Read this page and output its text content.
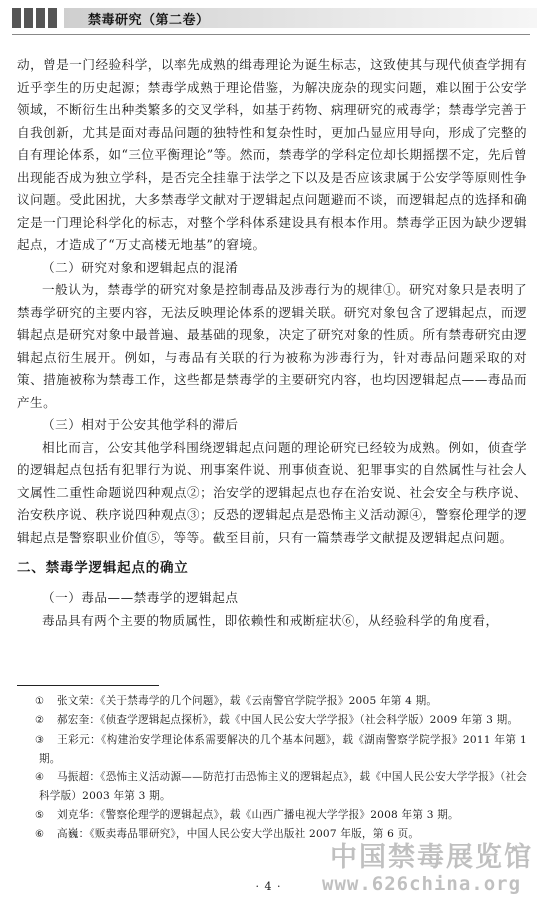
禁毒研究（第二卷）

动，曾是一门经验科学，以率先成熟的缉毒理论为诞生标志，这致使其与现代侦查学拥有近乎孪生的历史起源；禁毒学成熟于理论借鉴，为解决庞杂的现实问题，难以囿于公安学领域，不断衍生出种类繁多的交叉学科，如基于药物、病理研究的戒毒学；禁毒学完善于自我创新，尤其是面对毒品问题的独特性和复杂性时，更加凸显应用导向，形成了完整的自有理论体系，如“三位平衡理论”等。然而，禁毒学的学科定位却长期摇摆不定，先后曾出现能否成为独立学科，是否完全挂靠于法学之下以及是否应该隶属于公安学等原则性争议问题。受此困扰，大多禁毒学文献对于逻辑起点问题避而不谈，而逻辑起点的选择和确定是一门理论科学化的标志，对整个学科体系建设具有根本作用。禁毒学正因为缺少逻辑起点，才造成了“万丈高楼无地基”的窘境。

（二）研究对象和逻辑起点的混淆

一般认为，禁毒学的研究对象是控制毒品及涉毒行为的规律①。研究对象只是表明了禁毒学研究的主要内容，无法反映理论体系的逻辑关联。研究对象包含了逻辑起点，而逻辑起点是研究对象中最普遍、最基础的现象，决定了研究对象的性质。所有禁毒研究由逻辑起点衍生展开。例如，与毒品有关联的行为被称为涉毒行为，针对毒品问题采取的对策、措施被称为禁毒工作，这些都是禁毒学的主要研究内容，也均因逻辑起点——毒品而产生。

（三）相对于公安其他学科的滞后

相比而言，公安其他学科围绕逻辑起点问题的理论研究已经较为成熟。例如，侦查学的逻辑起点包括有犯罪行为说、刑事案件说、刑事侦查说、犯罪事实的自然属性与社会人文属性二重性命题说四种观点②；治安学的逻辑起点也存在治安说、社会安全与秩序说、治安秩序说、秩序说四种观点③；反恐的逻辑起点是恐怖主义活动源④，警察伦理学的逻辑起点是警察职业价值⑤，等等。截至目前，只有一篇禁毒学文献提及逻辑起点问题。

二、禁毒学逻辑起点的确立
（一）毒品——禁毒学的逻辑起点

毒品具有两个主要的物质属性，即依赖性和戒断症状⑥，从经验科学的角度看，

① 张文荣：《关于禁毒学的几个问题》，载《云南警官学院学报》2005 年第 4 期。
② 郝宏奎：《侦查学逻辑起点探析》，载《中国人民公安大学学报》（社会科学版）2009 年第 3 期。
③ 王彩元：《构建治安学理论体系需要解决的几个基本问题》，载《湖南警察学院学报》2011 年第 1 期。
④ 马振超：《恐怖主义活动源——防范打击恐怖主义的逻辑起点》，载《中国人民公安大学学报》（社会科学版）2003 年第 3 期。
⑤ 刘克华：《警察伦理学的逻辑起点》，载《山西广播电视大学学报》2008 年第 3 期。
⑥ 高巍：《贩卖毒品罪研究》，中国人民公安大学出版社 2007 年版，第 6 页。
中国禁毒展览馆
www.626china.org
· 4 ·
